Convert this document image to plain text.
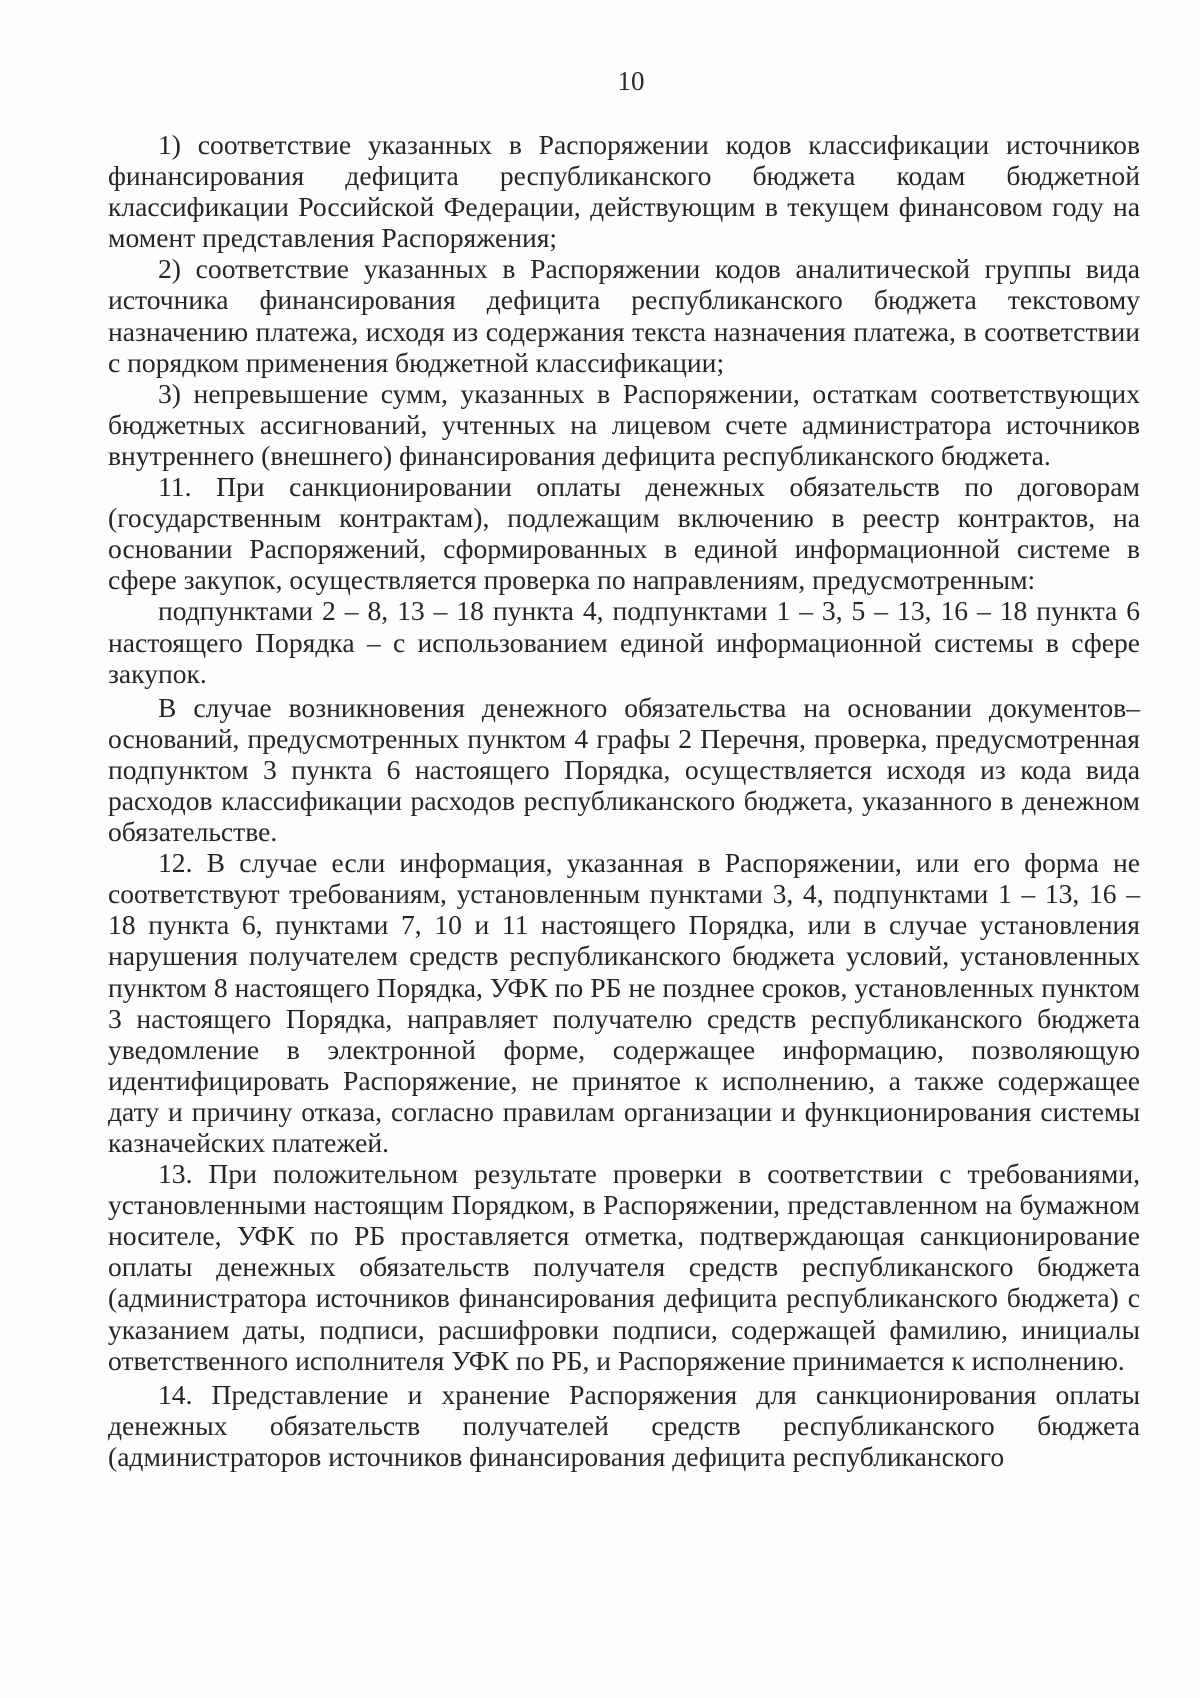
10

1) соответствие указанных в Распоряжении кодов классификации источников финансирования дефицита республиканского бюджета кодам бюджетной классификации Российской Федерации, действующим в текущем финансовом году на момент представления Распоряжения;

2) соответствие указанных в Распоряжении кодов аналитической группы вида источника финансирования дефицита республиканского бюджета текстовому назначению платежа, исходя из содержания текста назначения платежа, в соответствии с порядком применения бюджетной классификации;

3) непревышение сумм, указанных в Распоряжении, остаткам соответствующих бюджетных ассигнований, учтенных на лицевом счете администратора источников внутреннего (внешнего) финансирования дефицита республиканского бюджета.

11. При санкционировании оплаты денежных обязательств по договорам (государственным контрактам), подлежащим включению в реестр контрактов, на основании Распоряжений, сформированных в единой информационной системе в сфере закупок, осуществляется проверка по направлениям, предусмотренным:

подпунктами 2 – 8, 13 – 18 пункта 4, подпунктами 1 – 3, 5 – 13, 16 – 18 пункта 6 настоящего Порядка – с использованием единой информационной системы в сфере закупок.

В случае возникновения денежного обязательства на основании документов–оснований, предусмотренных пунктом 4 графы 2 Перечня, проверка, предусмотренная подпунктом 3 пункта 6 настоящего Порядка, осуществляется исходя из кода вида расходов классификации расходов республиканского бюджета, указанного в денежном обязательстве.

12. В случае если информация, указанная в Распоряжении, или его форма не соответствуют требованиям, установленным пунктами 3, 4, подпунктами 1 – 13, 16 – 18 пункта 6, пунктами 7, 10 и 11 настоящего Порядка, или в случае установления нарушения получателем средств республиканского бюджета условий, установленных пунктом 8 настоящего Порядка, УФК по РБ не позднее сроков, установленных пунктом 3 настоящего Порядка, направляет получателю средств республиканского бюджета уведомление в электронной форме, содержащее информацию, позволяющую идентифицировать Распоряжение, не принятое к исполнению, а также содержащее дату и причину отказа, согласно правилам организации и функционирования системы казначейских платежей.

13. При положительном результате проверки в соответствии с требованиями, установленными настоящим Порядком, в Распоряжении, представленном на бумажном носителе, УФК по РБ проставляется отметка, подтверждающая санкционирование оплаты денежных обязательств получателя средств республиканского бюджета (администратора источников финансирования дефицита республиканского бюджета) с указанием даты, подписи, расшифровки подписи, содержащей фамилию, инициалы ответственного исполнителя УФК по РБ, и Распоряжение принимается к исполнению.

14. Представление и хранение Распоряжения для санкционирования оплаты денежных обязательств получателей средств республиканского бюджета (администраторов источников финансирования дефицита республиканского
